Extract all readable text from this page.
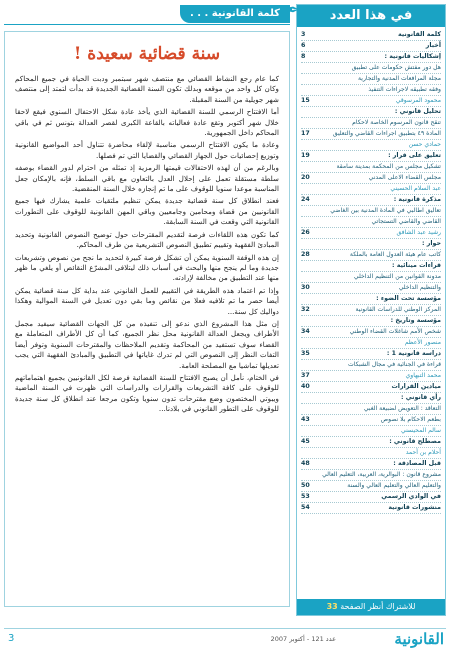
في هذا العدد
كلمة القانونية
3
أخبار
6
إشكاليات قانونية :
8
هل دور مفتش حكومات على تطبيق
مجلة المرافعات المدنية والتجارية
وفقه تطبيقه لاجراءات التنفيذ
محمود المرسوقي
15
تحليل قانوني :
تنقح قانون المرسوم الخاصة لاحكام
المادة ٤٩ بتطبيق اجراءات القاضي والتعليق
17
حمادي حسن
تعليق على قرار :
19
تشكيل مجلس من المحكمة بمدينة سامقة
مجلس القضاء الاعلى المدني
20
عبد السلام الحسيني
مذكرة قانونية :
24
تعاليق اطالبي في المادة المدنية بين الغاضي
القاضي والقاضي التستجاتي
رشيد عبد الشافق
26
حوار :
كاتب عام هيئة العدول العامة بالملكة
28
قراءات مينائية :
مدونة القوانين من التنظيم الداخلي
والتنظيم الداخلي
30
مؤسسة تحت الضوء :
المركز الوطني للدراسات القانونية
32
مؤسسة وتاريخ :
شخص الأمم شاغلات القضاء الوطني
34
منصور الأعظم
دراسة قانونية 1 :
35
قراءة في الجنائية في مجال الشبكات
محمد التبهاوي
37
ميادين القرارات
40
رأي قانوني :
التعاقد : التعويض لضبيعة الغبي
بطعم الاحكام بلا نصوص
43
سالم المحيسني
مصطلح قانوني :
45
أحلام بن أحمد
قبل المصادقة :
48
مشروع قانون : البوالرية، العربية، التعليم العالي
والتعليم العالي والتعليم العالي والسنة
50
في الوادي الرسمي
53
منشورات قانونية
54
للاشتراك أنظر الصفحة 33
كلمة القانونية . . . ✒
سنة قضائية سعيدة !

كما عام رجع النشاط القضائي مع منتصف شهر سبتمبر ودبت الحياة في جميع المحاكم وكان كل واحد من موقعه وبدلك تكون السنة القضائية الجديدة قد بدأت لتمتد إلى منتصف شهر جويلية من السنة المقبلة.

أما الافتتاح الرسمي للسنة القضائية الذي يأخذ عادة شكل الاحتفال السنوي فيقع لاحقا خلال شهر أكتوبر وتقع عادة فعالياته بالقاعة الكبرى لقصر العدالة بتونس ثم في باقي المحاكم داخل الجمهورية.

وعادة ما يكون الافتتاح الرسمي مناسبة لإلقاء محاضرة تتناول أحد المواضيع القانونية وتوزيع إحصائيات حول الجهاز القضائي والقضايا التي تم فصلها.

وبالرغم من أن لهذه الاحتفالات قيمتها الرمزية إذ تمثله من احترام لدور القضاء بوصفه سلطة مستقلة تعمل على إحلال العدل بالتعاون مع باقي السلط، فإنه بالإمكان جعل المناسبة موعدا سنويا للوقوف على ما تم إنجازه خلال السنة المنقضية.

فعند انطلاق كل سنة قضائية جديدة يمكن تنظيم ملتقيات علمية يشارك فيها جميع القانونيين من قضاة ومحامين وجامعيين وباقي المهن القانونية للوقوف على التطورات القانونية التي وقعت في السنة السابقة.

كما تكون هذه اللقاءات فرصة لتقديم المقترحات حول توضيح النصوص القانونية وتحديد المبادئ الفقهية وتقييم تطبيق النصوص التشريعية من طرف المحاكم.

إن هذه الوقفة السنوية يمكن أن تشكل فرصة كبيرة لتحديد ما نجح من نصوص وتشريعات جديدة وما لم ينجح منها والبحث في أسباب ذلك ليتلافى المشرّع النقائص أو يلغي ما ظهر منها عند التطبيق من مخالفة لإرادته.

وإذا تم اعتماد هذه الطريقة في التقييم للعمل القانوني عند بداية كل سنة قضائية يمكن أيضا حصر ما تم تلافيه فعلا من نقائص وما بقي دون تعديل في السنة الموالية وهكذا دواليك كل سنة...

إن مثل هذا المشروع الذي ندعو إلى تنفيذه من كل الجهات القضائية سيفيد مجمل الأطراف ويجعل العدالة القانونية محل نظر الجميع، كما أن كل الأطراف المتعاملة مع القضاء سوف تستفيد من المحاكمة وتقديم الملاحظات والمقترحات السنوية وتوفر أيضا التفات النظر إلى النصوص التي لم تدرك غاياتها في التطبيق والمبادئ الفقهية التي يجب تعديلها تماشيا مع المصلحة العامة.

في الختام، نأمل أن يصبح الافتتاح للسنة القضائية فرصة لكل القانونيين بجميع اهتماماتهم للوقوف على كافة التشريعات والقرارات والدراسات التي ظهرت في السنة الماضية ويبوتي المختصون وضع مقترحات تدون سنويا وتكون مرجعا عند انطلاق كل سنة جديدة للوقوف على التطور القانوني في بلادنا...

القانونية
عدد 121 - أكتوبر 2007
3
